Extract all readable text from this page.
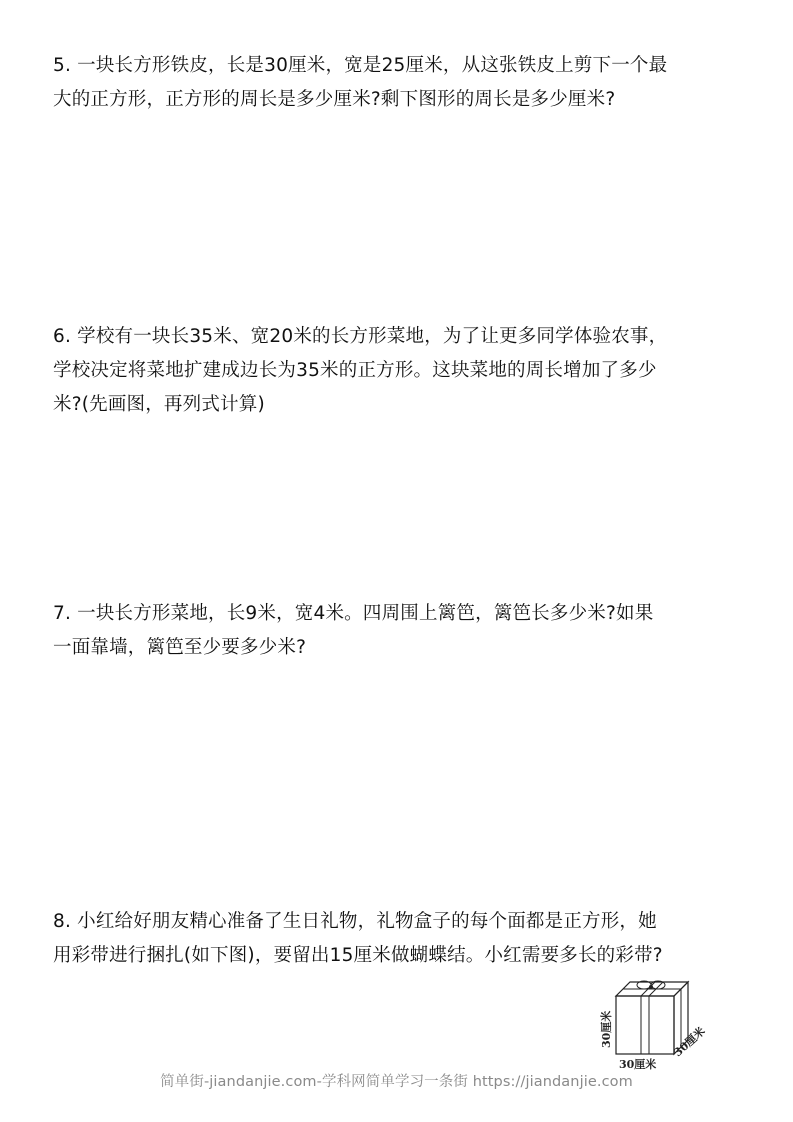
5. 一块长方形铁皮，长是30厘米，宽是25厘米，从这张铁皮上剪下一个最

大的正方形，正方形的周长是多少厘米?剩下图形的周长是多少厘米?

6. 学校有一块长35米、宽20米的长方形菜地，为了让更多同学体验农事，

学校决定将菜地扩建成边长为35米的正方形。这块菜地的周长增加了多少

米?(先画图，再列式计算)

7. 一块长方形菜地，长9米，宽4米。四周围上篱笆，篱笆长多少米?如果

一面靠墙，篱笆至少要多少米?

8. 小红给好朋友精心准备了生日礼物，礼物盒子的每个面都是正方形，她

用彩带进行捆扎(如下图)，要留出15厘米做蝴蝶结。小红需要多长的彩带?

30厘米
30厘米
30厘米
简单街-jiandanjie.com-学科网简单学习一条街 https://jiandanjie.com
